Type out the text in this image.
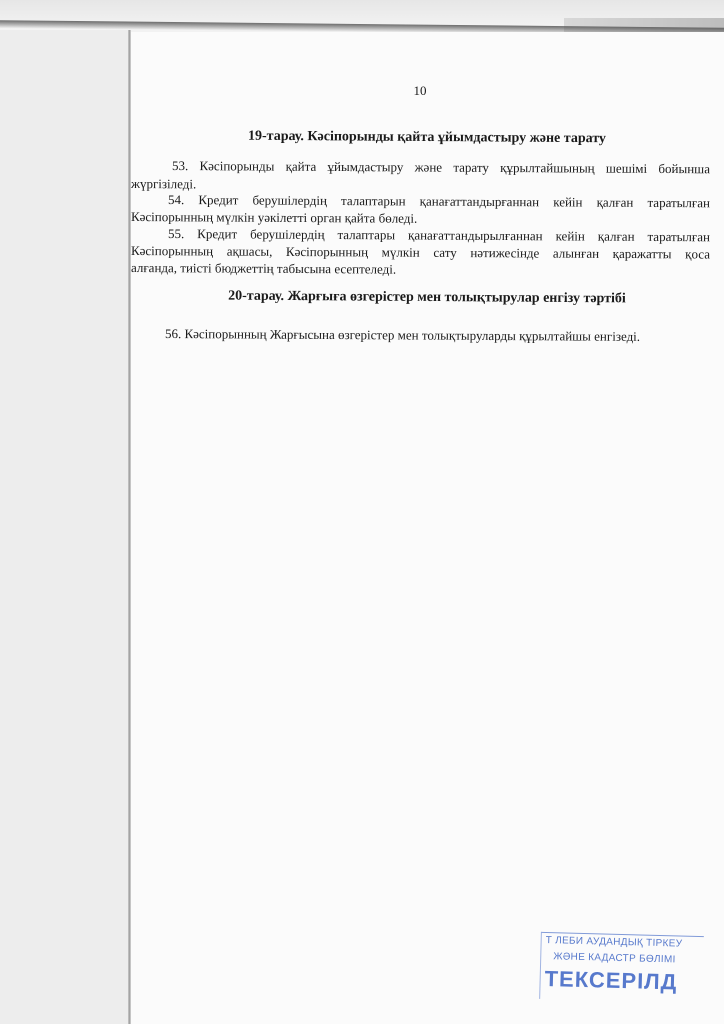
10
19-тарау. Кәсіпорынды қайта ұйымдастыру және тарату
53. Кәсіпорынды қайта ұйымдастыру және тарату құрылтайшының шешімі бойынша
жүргізіледі.
54. Кредит берушілердің талаптарын қанағаттандырғаннан кейін қалған таратылған
Кәсіпорынның мүлкін уәкілетті орган қайта бөледі.
55. Кредит берушілердің талаптары қанағаттандырылғаннан кейін қалған таратылған
Кәсіпорынның ақшасы, Кәсіпорынның мүлкін сату нәтижесінде алынған қаражатты қоса
алғанда, тиісті бюджеттің табысына есептеледі.
20-тарау. Жарғыға өзгерістер мен толықтырулар енгізу тәртібі
56. Кәсіпорынның Жарғысына өзгерістер мен толықтыруларды құрылтайшы енгізеді.
Т ЛЕБИ АУДАНДЫҚ ТІРКЕУ
ЖӘНЕ КАДАСТР БӨЛІМІ
ТЕКСЕРІЛД
